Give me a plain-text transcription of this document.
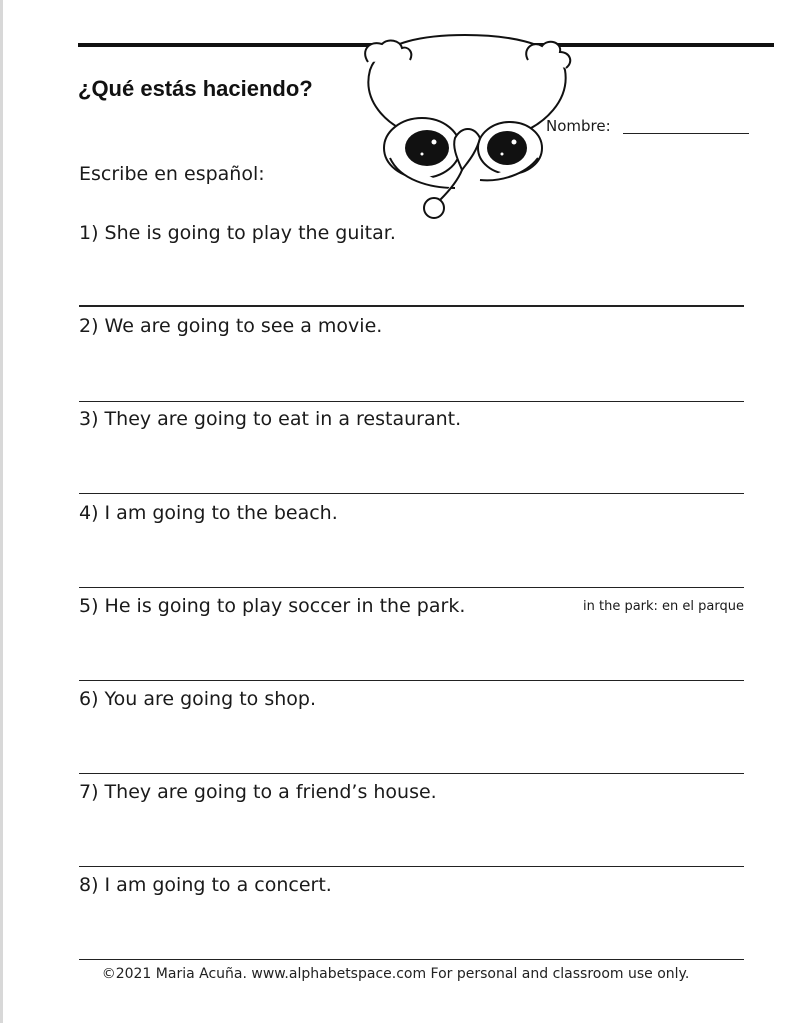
¿Qué estás haciendo?
Nombre:
Escribe en español:
1) She is going to play the guitar.
2) We are going to see a movie.
3) They are going to eat in a restaurant.
4) I am going to the beach.
5) He is going to play soccer in the park.	in the park: en el parque
6) You are going to shop.
7) They are going to a friend’s house.
8) I am going to a concert.
©2021 Maria Acuña. www.alphabetspace.com For personal and classroom use only.
